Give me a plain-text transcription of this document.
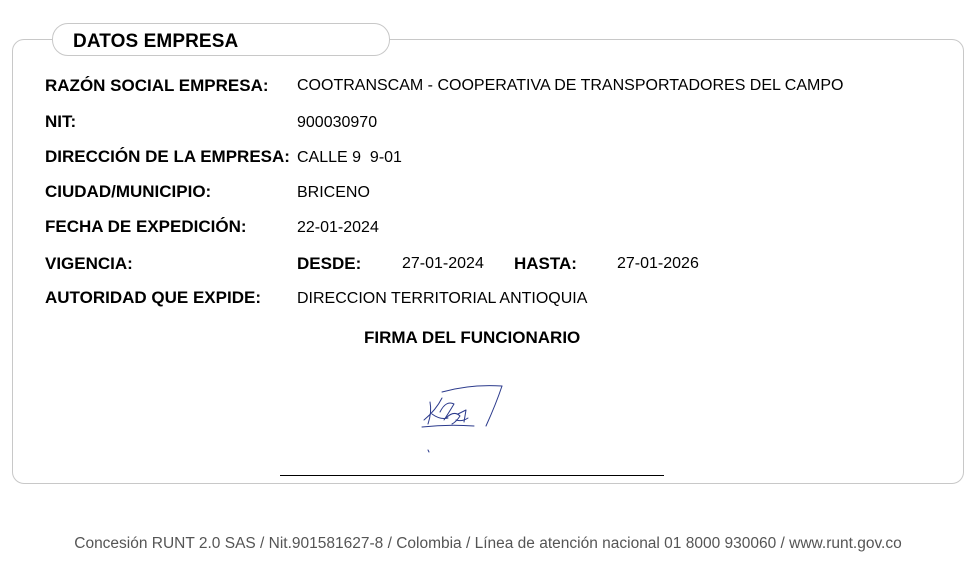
DATOS EMPRESA
RAZÓN SOCIAL EMPRESA: COOTRANSCAM - COOPERATIVA DE TRANSPORTADORES DEL CAMPO
NIT:	900030970
DIRECCIÓN DE LA EMPRESA: CALLE 9  9-01
CIUDAD/MUNICIPIO:	BRICENO
FECHA DE EXPEDICIÓN:	22-01-2024
VIGENCIA:	DESDE:	27-01-2024 HASTA:	27-01-2026
AUTORIDAD QUE EXPIDE: DIRECCION TERRITORIAL ANTIOQUIA
FIRMA DEL FUNCIONARIO
Concesión RUNT 2.0 SAS / Nit.901581627-8 / Colombia / Línea de atención nacional 01 8000 930060 / www.runt.gov.co
